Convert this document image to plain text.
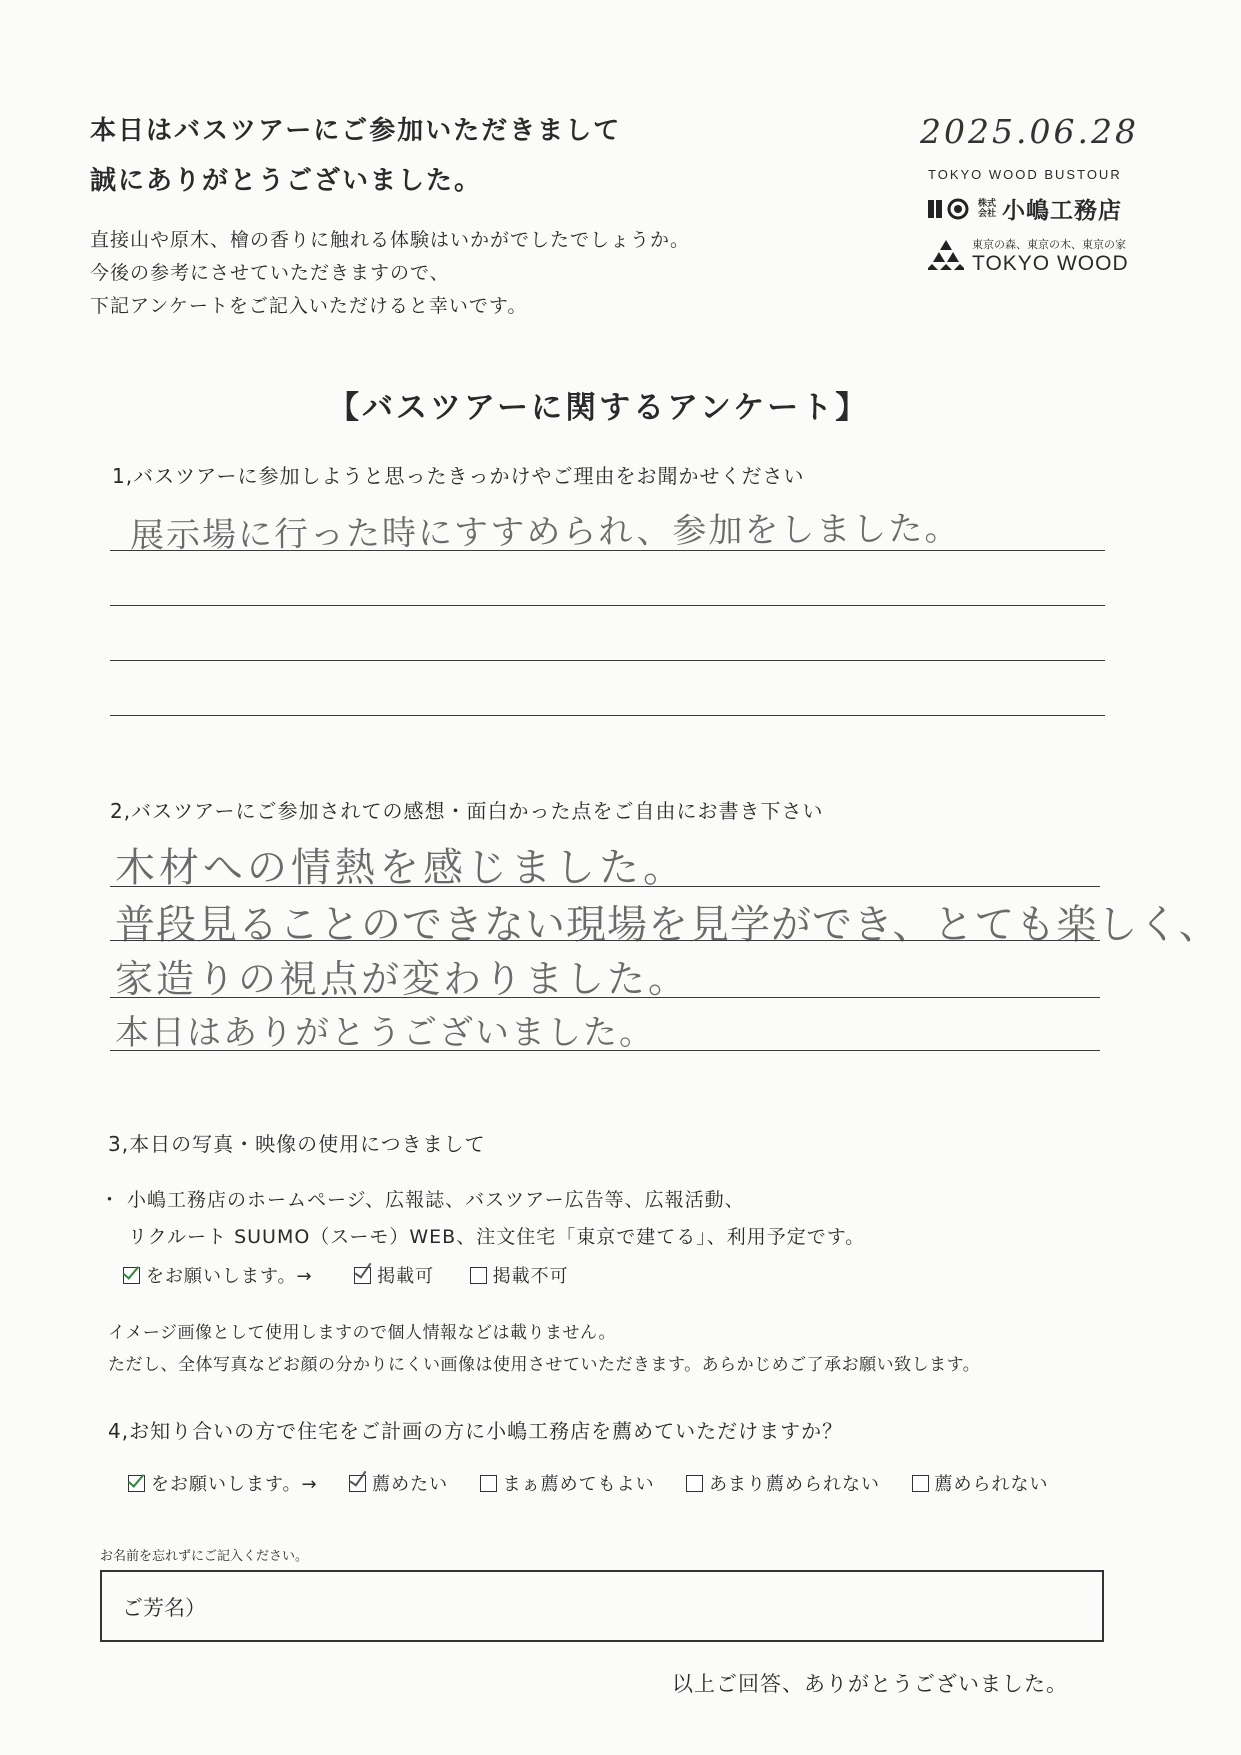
本日はバスツアーにご参加いただきまして
誠にありがとうございました。
直接山や原木、檜の香りに触れる体験はいかがでしたでしょうか。
今後の参考にさせていただきますので、
下記アンケートをご記入いただけると幸いです。
2025.06.28
TOKYO WOOD BUSTOUR
株式会社 小嶋工務店
東京の森、東京の木、東京の家
TOKYO WOOD
【バスツアーに関するアンケート】
1,バスツアーに参加しようと思ったきっかけやご理由をお聞かせください
展示場に行った時にすすめられ、参加をしました。
2,バスツアーにご参加されての感想・面白かった点をご自由にお書き下さい
木材への情熱を感じました。
普段見ることのできない現場を見学ができ、とても楽しく、
家造りの視点が変わりました。
本日はありがとうございました。
3,本日の写真・映像の使用につきまして
・ 小嶋工務店のホームページ、広報誌、バスツアー広告等、広報活動、
リクルート SUUMO（スーモ）WEB、注文住宅「東京で建てる」、利用予定です。
をお願いします。→	掲載可	掲載不可
イメージ画像として使用しますので個人情報などは載りません。
ただし、全体写真などお顔の分かりにくい画像は使用させていただきます。あらかじめご了承お願い致します。
4,お知り合いの方で住宅をご計画の方に小嶋工務店を薦めていただけますか？
をお願いします。→	薦めたい	まぁ薦めてもよい	あまり薦められない	薦められない
お名前を忘れずにご記入ください。
ご芳名）
以上ご回答、ありがとうございました。
